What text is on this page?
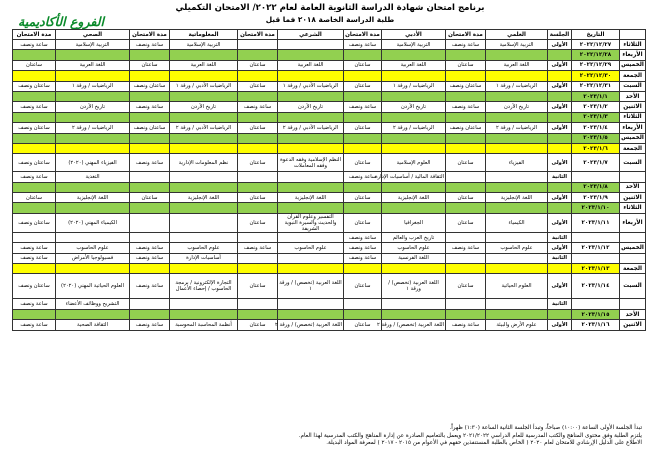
برنامج امتحان شهادة الدراسة الثانوية العامة لعام ٢٠٢٢/ الامتحان التكميلي
طلبة الدراسة الخاصة ٢٠١٨ فما قبل
الفروع الأكاديمية
	التاريخ	الجلسة	العلمي	مدة الامتحان	الأدبي	مدة الامتحان	الشرعي	مدة الامتحان	المعلوماتية	مدة الامتحان	الصحي	مدة الامتحان
الثلاثاء	٢٠٢٢/١٢/٢٧	الأولى	التربية الإسلامية	ساعة ونصف	التربية الإسلامية	ساعة ونصف			التربية الإسلامية	ساعة ونصف	التربية الإسلامية	ساعة ونصف
الأربعاء	٢٠٢٢/١٢/٢٨											
الخميس	٢٠٢٢/١٢/٢٩	الأولى	اللغة العربية	ساعتان	اللغة العربية	ساعتان	اللغة العربية	ساعتان	اللغة العربية	ساعتان	اللغة العربية	ساعتان
الجمعة	٢٠٢٢/١٢/٣٠											
السبت	٢٠٢٢/١٢/٣١	الأولى	الرياضيات / ورقة ١	ساعتان ونصف	الرياضيات / ورقة ١	ساعتان	الرياضيات الأدبي / ورقة ١	ساعتان	الرياضيات الأدبي / ورقة ١	ساعتان ونصف	الرياضيات / ورقة ١	ساعتان ونصف
الأحد	٢٠٢٣/١/١											
الاثنين	٢٠٢٣/١/٢	الأولى	تاريخ الأردن	ساعة ونصف	تاريخ الأردن	ساعة ونصف	تاريخ الأردن	ساعة ونصف	تاريخ الأردن	ساعة ونصف	تاريخ الأردن	ساعة ونصف
الثلاثاء	٢٠٢٣/١/٣											
الأربعاء	٢٠٢٣/١/٤	الأولى	الرياضيات / ورقة ٢	ساعتان ونصف	الرياضيات / ورقة ٢	ساعتان	الرياضيات الأدبي / ورقة ٢	ساعتان	الرياضيات الأدبي / ورقة ٢	ساعتان ونصف	الرياضيات / ورقة ٢	ساعتان ونصف
الخميس	٢٠٢٣/١/٥											
الجمعة	٢٠٢٣/١/٦											
السبت	٢٠٢٣/١/٧	الأولى	الفيزياء	ساعتان	العلوم الإسلامية	ساعتان	النظم الإسلامية وفقه الدعوة وفقه المعاملات	ساعتان	نظم المعلومات الإدارية	ساعة ونصف	الفيزياء المهني (٢٠٢٠)	ساعتان ونصف
		الثانية			الثقافة المالية / أساسيات الإدارة	ساعة ونصف					التغذية	ساعة ونصف
الأحد	٢٠٢٣/١/٨											
الاثنين	٢٠٢٣/١/٩	الأولى	اللغة الإنجليزية	ساعتان	اللغة الإنجليزية	ساعتان	اللغة الإنجليزية	ساعتان	اللغة الإنجليزية	ساعتان	اللغة الإنجليزية	ساعتان
الثلاثاء	٢٠٢٣/١/١٠											
الأربعاء	٢٠٢٣/١/١١	الأولى	الكيمياء	ساعتان	الجغرافيا	ساعتان	التفسير وعلوم القرآن والحديث والسيرة النبوية الشريفة	ساعتان			الكيمياء المهني (٢٠٢٠)	ساعتان ونصف
		الثانية			تاريخ العرب والعالم	ساعة ونصف						
الخميس	٢٠٢٣/١/١٢	الأولى	علوم الحاسوب	ساعة ونصف	علوم الحاسوب	ساعة ونصف	علوم الحاسوب	ساعة ونصف	علوم الحاسوب	ساعة ونصف	علوم الحاسوب	ساعة ونصف
		الثانية			اللغة الفرنسية	ساعة ونصف			أساسيات الإدارة	ساعة ونصف	فسيولوجيا الأمراض	ساعة ونصف
الجمعة	٢٠٢٣/١/١٣											
السبت	٢٠٢٣/١/١٤	الأولى	العلوم الحياتية	ساعتان	اللغة العربية (تخصص) / ورقة ١	ساعتان	اللغة العربية (تخصص) / ورقة ١	ساعتان	التجارة الإلكترونية / برمجة الحاسوب / إحصاء الأعمال	ساعة ونصف	العلوم الحياتية المهني (٢٠٢٠)	ساعتان ونصف
		الثانية									التشريح ووظائف الأعضاء	ساعة ونصف
الأحد	٢٠٢٣/١/١٥											
الاثنين	٢٠٢٣/١/١٦	الأولى	علوم الأرض والبيئة	ساعة ونصف	اللغة العربية (تخصص) / ورقة ٢	ساعتان	اللغة العربية (تخصص) / ورقة ٢	ساعتان	أنظمة المحاسبة المحوسبة	ساعة ونصف	الثقافة الصحية	ساعة ونصف
تبدأ الجلسة الأولى الساعة (١٠:٠٠) صباحاً، وتبدأ الجلسة الثانية الساعة (١:٣٠) ظهراً.
يلتزم الطلبة وفق محتوى المناهج والكتب المدرسية للعام الدراسي ٢٠٢١/٢٠٢٢ ويعمل بالتعاميم الصادرة عن إدارة المناهج والكتب المدرسية لهذا العام.
الاطلاع على الدليل الإرشادي للامتحان لعام ٢٠٢٠ ( الخاص بالطلبة المستنفذين حقهم في الأعوام من ٢٠١٥ - ٢٠١٧ ) لمعرفة المواد البديلة.
